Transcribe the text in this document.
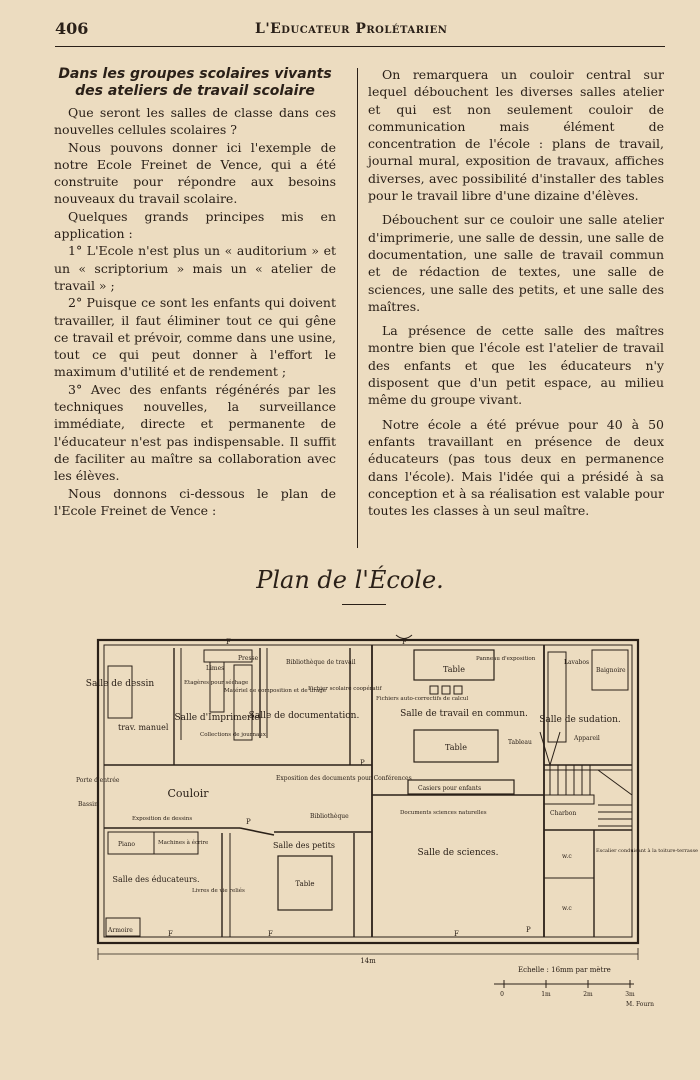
406	L'Educateur Prolétarien

Dans les groupes scolaires vivants des ateliers de travail scolaire

Que seront les salles de classe dans ces nouvelles cellules scolaires ?

Nous pouvons donner ici l'exemple de notre Ecole Freinet de Vence, qui a été construite pour répondre aux besoins nouveaux du travail scolaire.

Quelques grands principes mis en application :

1° L'Ecole n'est plus un « auditorium » et un « scriptorium » mais un « atelier de travail » ;

2° Puisque ce sont les enfants qui doivent travailler, il faut éliminer tout ce qui gêne ce travail et prévoir, comme dans une usine, tout ce qui peut donner à l'effort le maximum d'utilité et de rendement ;

3° Avec des enfants régénérés par les techniques nouvelles, la surveillance immédiate, directe et permanente de l'éducateur n'est pas indispensable. Il suffit de faciliter au maître sa collaboration avec les élèves.

Nous donnons ci-dessous le plan de l'Ecole Freinet de Vence :

On remarquera un couloir central sur lequel débouchent les diverses salles atelier et qui est non seulement couloir de communication mais élément de concentration de l'école : plans de travail, journal mural, exposition de travaux, affiches diverses, avec possibilité d'installer des tables pour le travail libre d'une dizaine d'élèves.

Débouchent sur ce couloir une salle atelier d'imprimerie, une salle de dessin, une salle de documentation, une salle de travail commun et de rédaction de textes, une salle de sciences, une salle des petits, et une salle des maîtres.

La présence de cette salle des maîtres montre bien que l'école est l'atelier de travail des enfants et que les éducateurs n'y disposent que d'un petit espace, au milieu même du groupe vivant.

Notre école a été prévue pour 40 à 50 enfants travaillant en présence de deux éducateurs (pas tous deux en permanence dans l'école). Mais l'idée qui a présidé à sa conception et à sa réalisation est valable pour toutes les classes à un seul maître.

Plan de l'École.
Salle de dessin
trav. manuel
Salle d'Imprimerie
Salle de documentation.	Salle de travail en commun.
Salle de sudation.
Couloir
Salle des éducateurs.
Salle des petits
Salle de sciences.
Presse
Limes
Etagères pour séchage
Matériel de composition et de tirage
Collections de journaux
Bibliothèque de travail
Fichier scolaire coopératif
Panneau d'exposition
Table
Table
Table
Fichiers auto-correctifs de calcul
Lavabos
Baignoire
Appareil
Tableau
Porte d'entrée
Bassin
Exposition des documents pour Conférences
Casiers pour enfants
Exposition de dessins	Bibliothèque	Documents sciences naturelles	Charbon
Piano	Machines à écrire
Livres de vie reliés
Armoire
w.c
w.c
Escalier conduisant à la toiture-terrasse
F	F
F	F	F
P
P
P
14m
Echelle : 16mm par mètre
0	1m	2m	3m
M. Fourn
